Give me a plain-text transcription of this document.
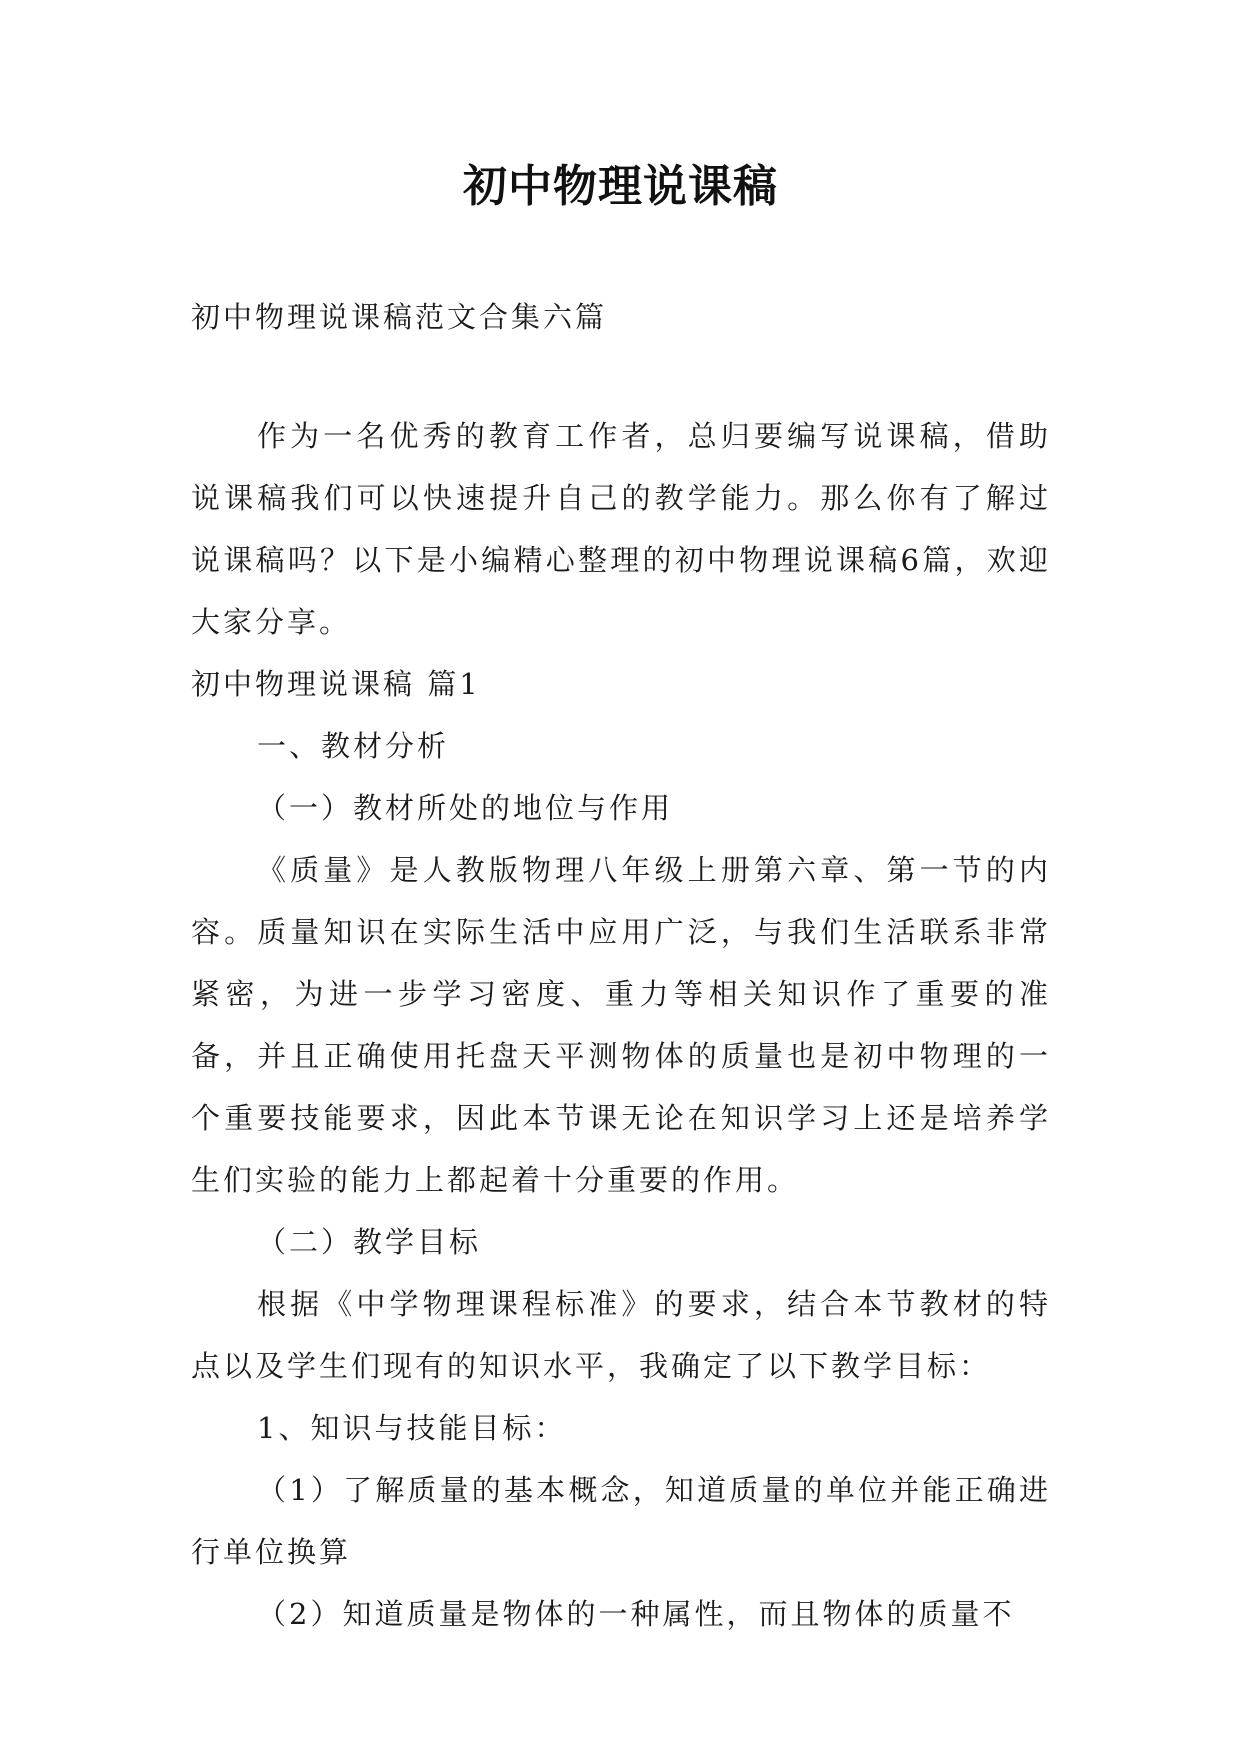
初中物理说课稿
初中物理说课稿范文合集六篇

作为一名优秀的教育工作者，总归要编写说课稿，借助说课稿我们可以快速提升自己的教学能力。那么你有了解过说课稿吗？以下是小编精心整理的初中物理说课稿6篇，欢迎大家分享。

初中物理说课稿 篇1

一、教材分析

（一）教材所处的地位与作用

《质量》是人教版物理八年级上册第六章、第一节的内容。质量知识在实际生活中应用广泛，与我们生活联系非常紧密，为进一步学习密度、重力等相关知识作了重要的准备，并且正确使用托盘天平测物体的质量也是初中物理的一个重要技能要求，因此本节课无论在知识学习上还是培养学生们实验的能力上都起着十分重要的作用。

（二）教学目标

根据《中学物理课程标准》的要求，结合本节教材的特点以及学生们现有的知识水平，我确定了以下教学目标：

1、知识与技能目标：

（1）了解质量的基本概念，知道质量的单位并能正确进行单位换算

（2）知道质量是物体的一种属性，而且物体的质量不
